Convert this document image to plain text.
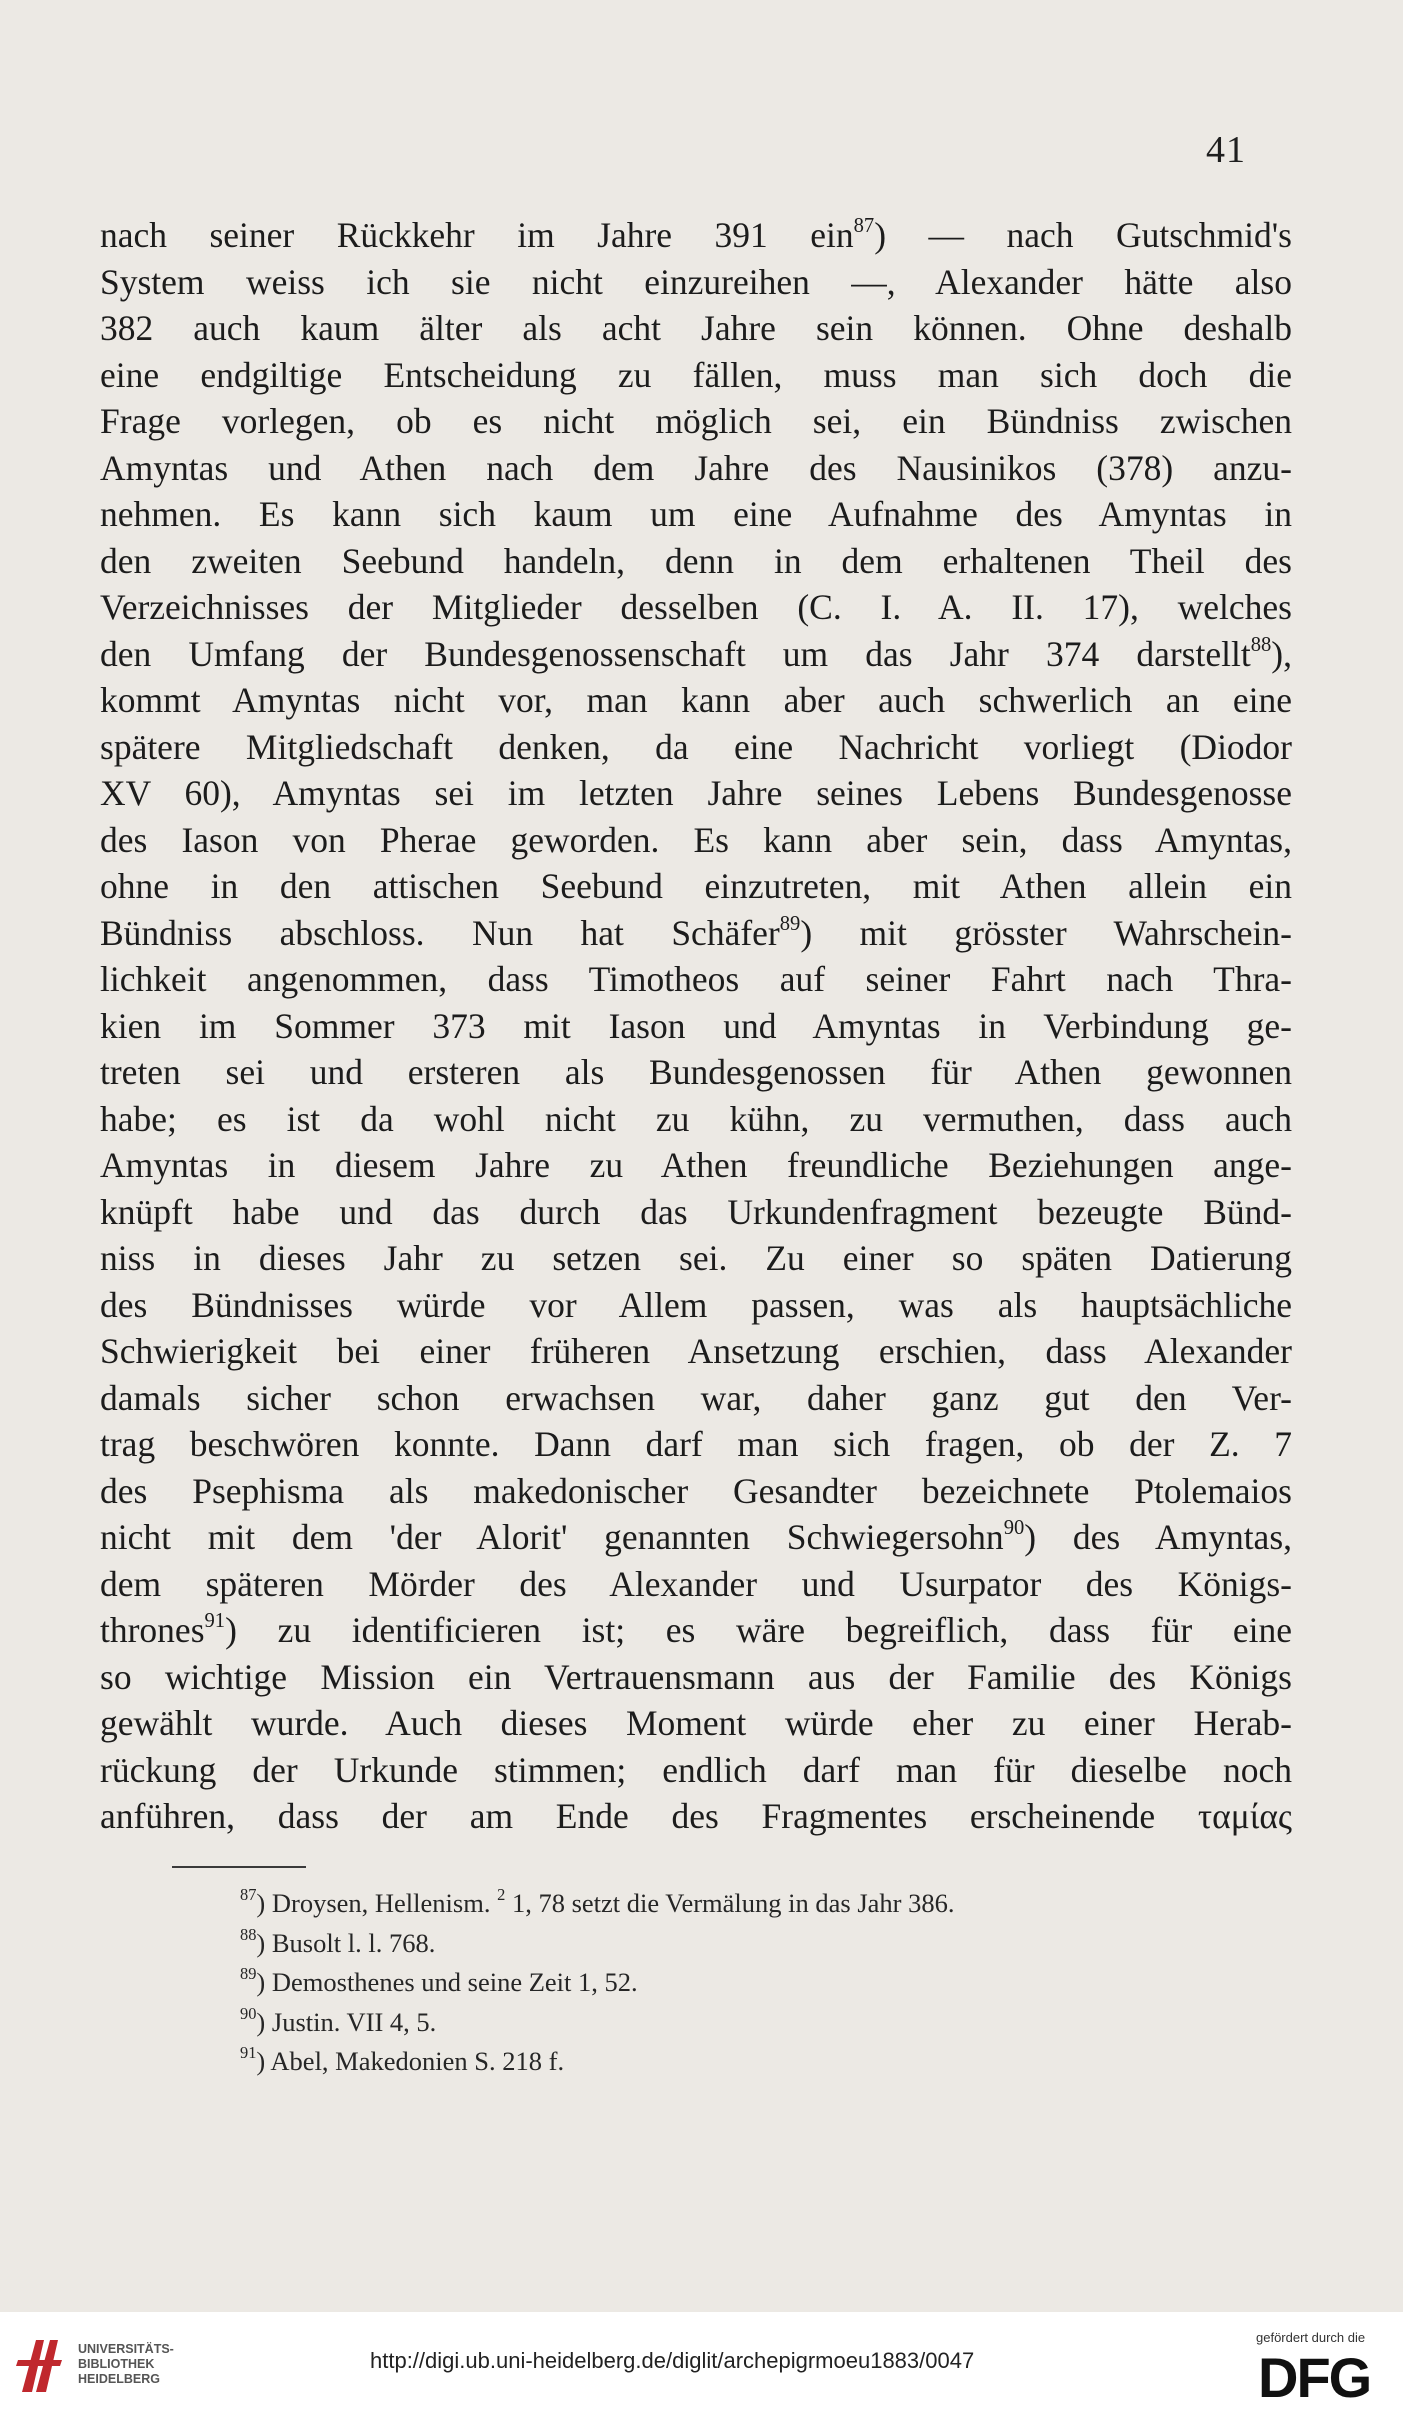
41
nach seiner Rückkehr im Jahre 391 ein$^{87}$) — nach Gutschmid's
System weiss ich sie nicht einzureihen —, Alexander hätte also
382 auch kaum älter als acht Jahre sein können. Ohne deshalb
eine endgiltige Entscheidung zu fällen, muss man sich doch die
Frage vorlegen, ob es nicht möglich sei, ein Bündniss zwischen
Amyntas und Athen nach dem Jahre des Nausinikos (378) anzu-
nehmen. Es kann sich kaum um eine Aufnahme des Amyntas in
den zweiten Seebund handeln, denn in dem erhaltenen Theil des
Verzeichnisses der Mitglieder desselben (C. I. A. II. 17), welches
den Umfang der Bundesgenossenschaft um das Jahr 374 darstellt$^{88}$),
kommt Amyntas nicht vor, man kann aber auch schwerlich an eine
spätere Mitgliedschaft denken, da eine Nachricht vorliegt (Diodor
XV 60), Amyntas sei im letzten Jahre seines Lebens Bundesgenosse
des Iason von Pherae geworden. Es kann aber sein, dass Amyntas,
ohne in den attischen Seebund einzutreten, mit Athen allein ein
Bündniss abschloss. Nun hat Schäfer$^{89}$) mit grösster Wahrschein-
lichkeit angenommen, dass Timotheos auf seiner Fahrt nach Thra-
kien im Sommer 373 mit Iason und Amyntas in Verbindung ge-
treten sei und ersteren als Bundesgenossen für Athen gewonnen
habe; es ist da wohl nicht zu kühn, zu vermuthen, dass auch
Amyntas in diesem Jahre zu Athen freundliche Beziehungen ange-
knüpft habe und das durch das Urkundenfragment bezeugte Bünd-
niss in dieses Jahr zu setzen sei. Zu einer so späten Datierung
des Bündnisses würde vor Allem passen, was als hauptsächliche
Schwierigkeit bei einer früheren Ansetzung erschien, dass Alexander
damals sicher schon erwachsen war, daher ganz gut den Ver-
trag beschwören konnte. Dann darf man sich fragen, ob der Z. 7
des Psephisma als makedonischer Gesandter bezeichnete Ptolemaios
nicht mit dem 'der Alorit' genannten Schwiegersohn$^{90}$) des Amyntas,
dem späteren Mörder des Alexander und Usurpator des Königs-
thrones$^{91}$) zu identificieren ist; es wäre begreiflich, dass für eine
so wichtige Mission ein Vertrauensmann aus der Familie des Königs
gewählt wurde. Auch dieses Moment würde eher zu einer Herab-
rückung der Urkunde stimmen; endlich darf man für dieselbe noch
anführen, dass der am Ende des Fragmentes erscheinende ταμίας
$^{87}$) Droysen, Hellenism. $^2$ 1, 78 setzt die Vermälung in das Jahr 386.
$^{88}$) Busolt l. l. 768.
$^{89}$) Demosthenes und seine Zeit 1, 52.
$^{90}$) Justin. VII 4, 5.
$^{91}$) Abel, Makedonien S. 218 f.
UNIVERSITÄTS-
BIBLIOTHEK
HEIDELBERG
http://digi.ub.uni-heidelberg.de/diglit/archepigrmoeu1883/0047
gefördert durch die
DFG
